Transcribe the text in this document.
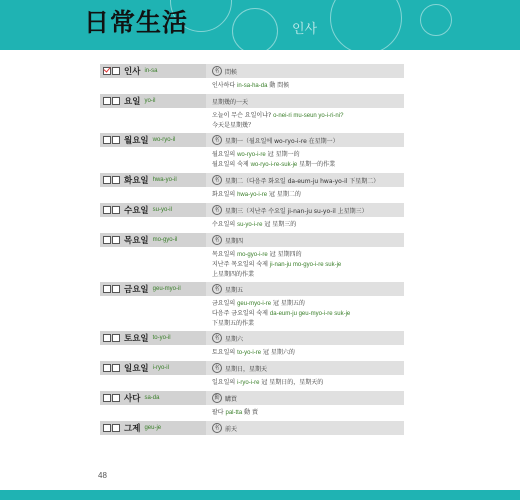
인사
日常生活
인사 in-sa	名 問候
인사하다 in-sa-ha-da 動 問候
요일 yo-il	星期幾的一天
오늘이 무슨 요일이냐? o-nei-ri mu-seun yo-i-ri-ni?
今天是星期幾？
월요일 wo-ryo-il	名 星期一（월요일에 wo-ryo-i-re 在星期一）
월요일의 wo-ryo-i-re 冠 星期一的
월요일의 숙제 wo-ryo-i-re-suk-je 星期一的作業
화요일 hwa-yo-il	名 星期二（다음주 화요일 da-eum-ju hwa-yo-il 下星期二）
화요일의 hwa-yo-i-re 冠 星期二的
수요일 su-yo-il	名 星期三（지난주 수요일 ji-nan-ju su-yo-il 上星期三）
수요일의 su-yo-i-re 冠 星期三的
목요일 mo-gyo-il	名 星期四
목요일의 mo-gyo-i-re 冠 星期四的
지난주 목요일의 숙제 ji-nan-ju mo-gyo-i-re suk-je
上星期四的作業
금요일 geu-myo-il	名 星期五
금요일의 geu-myo-i-re 冠 星期五的
다음주 금요일의 숙제 da-eum-ju geu-myo-i-re suk-je
下星期五的作業
토요일 to-yo-il	名 星期六
토요일의 to-yo-i-re 冠 星期六的
일요일 i-ryo-il	名 星期日，星期天
일요일의 i-ryo-i-re 冠 星期日的，星期天的
사다 sa-da	動 購買
팔다 pal-tta 動 賣
그제 geu-je	名 前天
48
